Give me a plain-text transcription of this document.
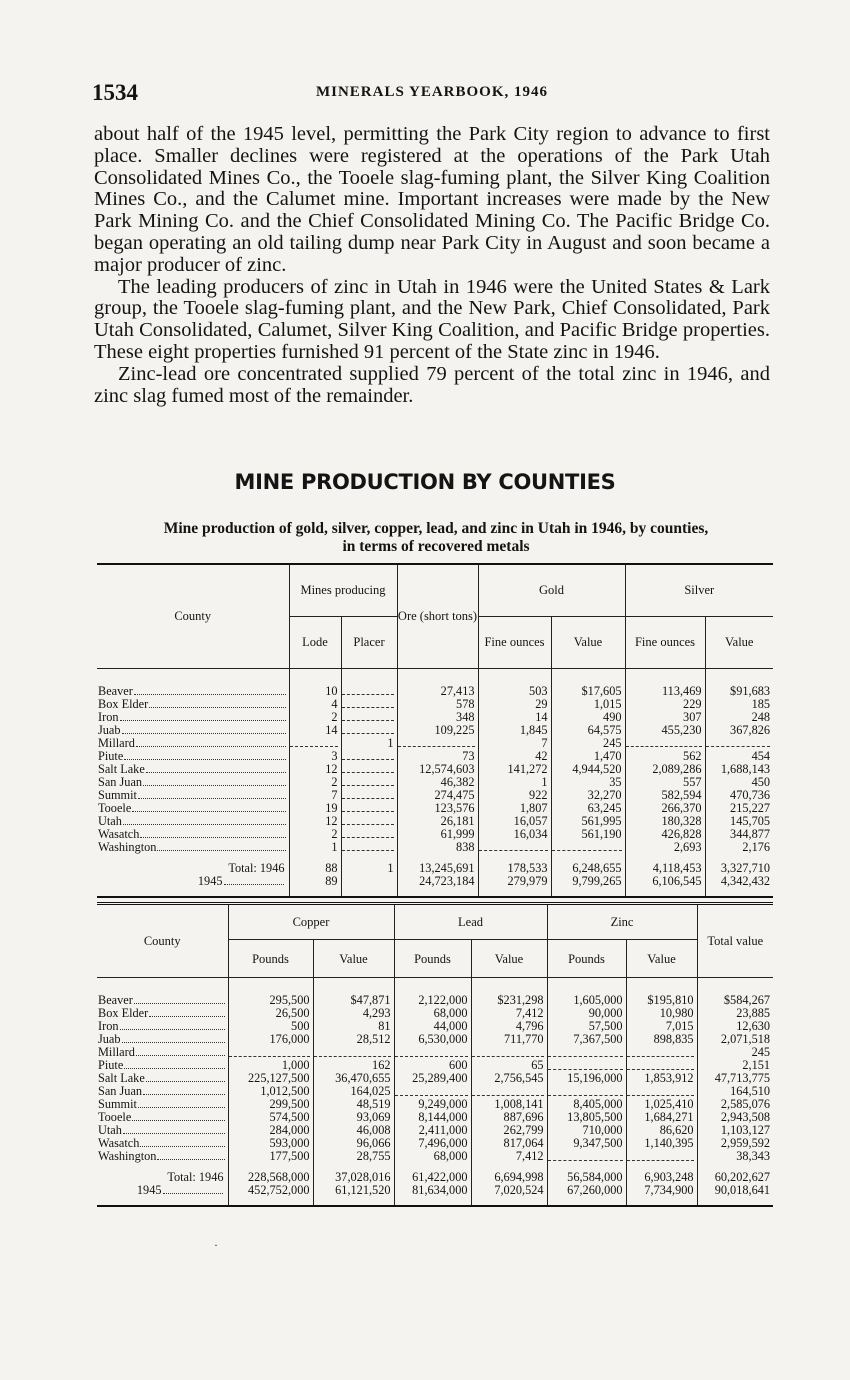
1534	MINERALS YEARBOOK, 1946

about half of the 1945 level, permitting the Park City region to advance to first place. Smaller declines were registered at the operations of the Park Utah Consolidated Mines Co., the Tooele slag-fuming plant, the Silver King Coalition Mines Co., and the Calumet mine. Important increases were made by the New Park Mining Co. and the Chief Consolidated Mining Co. The Pacific Bridge Co. began operating an old tailing dump near Park City in August and soon became a major producer of zinc.

The leading producers of zinc in Utah in 1946 were the United States & Lark group, the Tooele slag-fuming plant, and the New Park, Chief Consolidated, Park Utah Consolidated, Calumet, Silver King Coalition, and Pacific Bridge properties. These eight properties furnished 91 percent of the State zinc in 1946.

Zinc-lead ore concentrated supplied 79 percent of the total zinc in 1946, and zinc slag fumed most of the remainder.

MINE PRODUCTION BY COUNTIES
Mine production of gold, silver, copper, lead, and zinc in Utah in 1946, by counties,
in terms of recovered metals
County	Mines producing		Ore (short tons)	Gold		Silver	
	Lode	Placer		Fine ounces	Value	Fine ounces	Value

Beaver	10		27,413	503	$17,605	113,469	$91,683

Box Elder	4		578	29	1,015	229	185

Iron	2		348	14	490	307	248

Juab	14		109,225	1,845	64,575	455,230	367,826

Millard		1		7	245		

Piute	3		73	42	1,470	562	454

Salt Lake	12		12,574,603	141,272	4,944,520	2,089,286	1,688,143

San Juan	2		46,382	1	35	557	450

Summit	7		274,475	922	32,270	582,594	470,736

Tooele	19		123,576	1,807	63,245	266,370	215,227

Utah	12		26,181	16,057	561,995	180,328	145,705

Wasatch	2		61,999	16,034	561,190	426,828	344,877

Washington	1		838			2,693	2,176

Total: 1946	88	1	13,245,691	178,533	6,248,655	4,118,453	3,327,710

1945	89		24,723,184	279,979	9,799,265	6,106,545	4,342,432

County	Copper		Lead		Zinc		Total value
	Pounds	Value	Pounds	Value	Pounds	Value	

Beaver	295,500	$47,871	2,122,000	$231,298	1,605,000	$195,810	$584,267

Box Elder	26,500	4,293	68,000	7,412	90,000	10,980	23,885

Iron	500	81	44,000	4,796	57,500	7,015	12,630

Juab	176,000	28,512	6,530,000	711,770	7,367,500	898,835	2,071,518

Millard							245

Piute	1,000	162	600	65			2,151

Salt Lake	225,127,500	36,470,655	25,289,400	2,756,545	15,196,000	1,853,912	47,713,775

San Juan	1,012,500	164,025					164,510

Summit	299,500	48,519	9,249,000	1,008,141	8,405,000	1,025,410	2,585,076

Tooele	574,500	93,069	8,144,000	887,696	13,805,500	1,684,271	2,943,508

Utah	284,000	46,008	2,411,000	262,799	710,000	86,620	1,103,127

Wasatch	593,000	96,066	7,496,000	817,064	9,347,500	1,140,395	2,959,592

Washington	177,500	28,755	68,000	7,412			38,343

Total: 1946	228,568,000	37,028,016	61,422,000	6,694,998	56,584,000	6,903,248	60,202,627

1945	452,752,000	61,121,520	81,634,000	7,020,524	67,260,000	7,734,900	90,018,641

·
